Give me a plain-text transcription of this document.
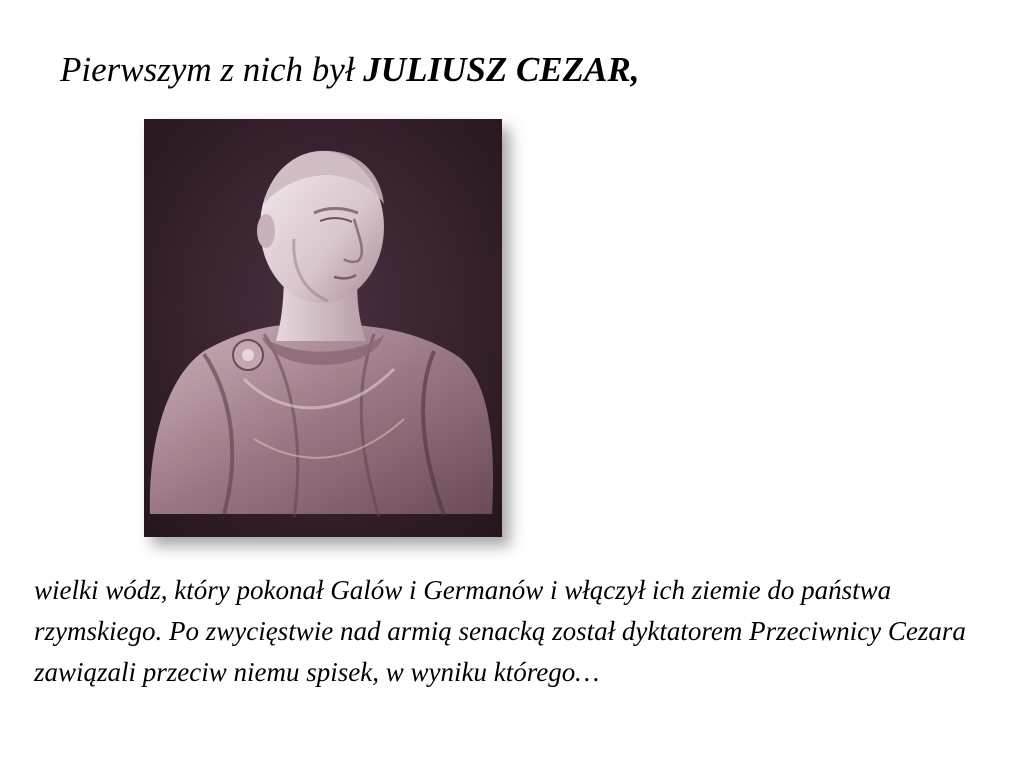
Pierwszym z nich był JULIUSZ CEZAR,

wielki wódz, który pokonał Galów i Germanów i włączył ich ziemie do państwa rzymskiego. Po zwycięstwie nad armią senacką został dyktatorem Przeciwnicy Cezara zawiązali przeciw niemu spisek, w wyniku którego…
